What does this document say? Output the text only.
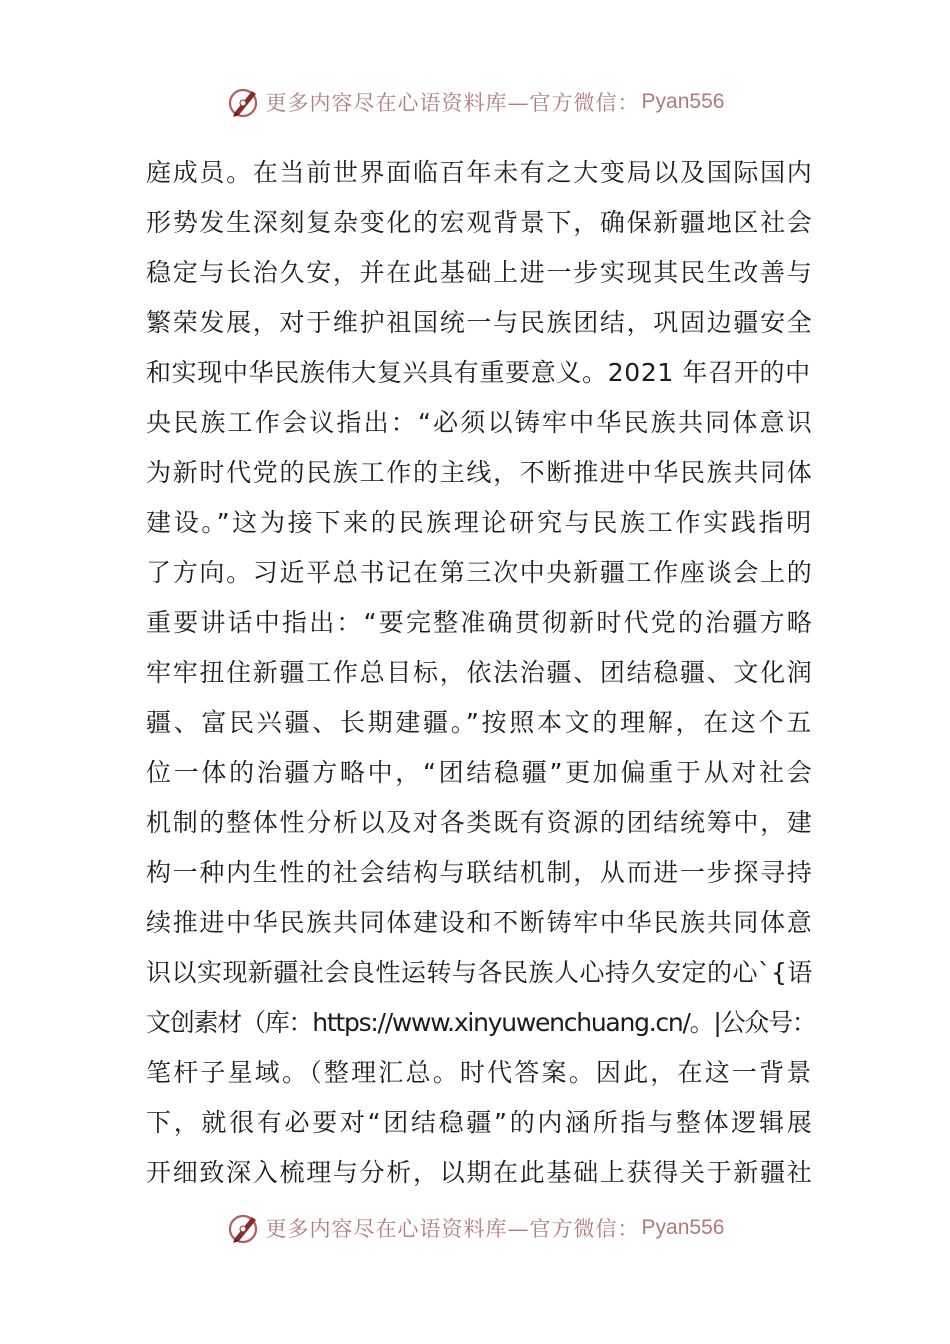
更多内容尽在心语资料库—官方微信： Pyan556
庭成员。在当前世界面临百年未有之大变局以及国际国内
形势发生深刻复杂变化的宏观背景下，确保新疆地区社会
稳定与长治久安，并在此基础上进一步实现其民生改善与
繁荣发展，对于维护祖国统一与民族团结，巩固边疆安全
和实现中华民族伟大复兴具有重要意义。2021 年召开的中
央民族工作会议指出：“必须以铸牢中华民族共同体意识
为新时代党的民族工作的主线，不断推进中华民族共同体
建设。”这为接下来的民族理论研究与民族工作实践指明
了方向。习近平总书记在第三次中央新疆工作座谈会上的
重要讲话中指出：“要完整准确贯彻新时代党的治疆方略
牢牢扭住新疆工作总目标，依法治疆、团结稳疆、文化润
疆、富民兴疆、长期建疆。”按照本文的理解，在这个五
位一体的治疆方略中，“团结稳疆”更加偏重于从对社会
机制的整体性分析以及对各类既有资源的团结统筹中，建
构一种内生性的社会结构与联结机制，从而进一步探寻持
续推进中华民族共同体建设和不断铸牢中华民族共同体意
识以实现新疆社会良性运转与各民族人心持久安定的心`{语
文创素材（库：https://www.xinyuwenchuang.cn/。|公众号：
笔杆子星域。（整理汇总。时代答案。因此，在这一背景
下，就很有必要对“团结稳疆”的内涵所指与整体逻辑展
开细致深入梳理与分析，以期在此基础上获得关于新疆社
更多内容尽在心语资料库—官方微信： Pyan556
